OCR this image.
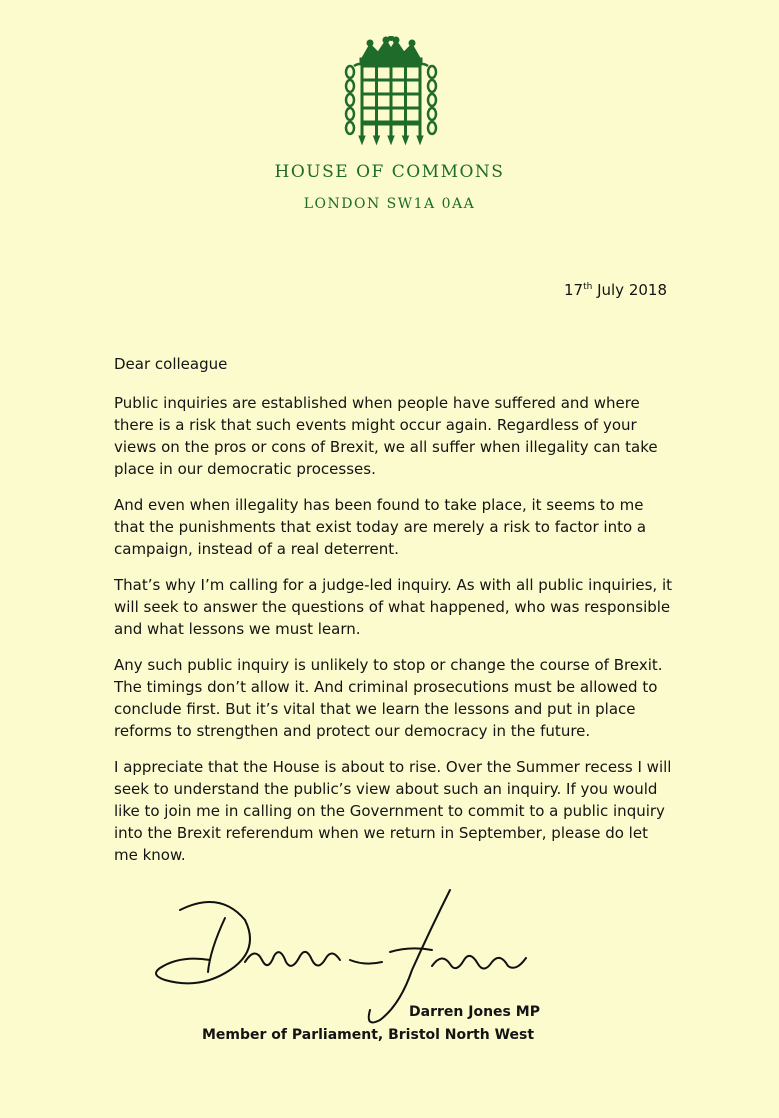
HOUSE OF COMMONS
LONDON SW1A 0AA
17th July 2018
Dear colleague

Public inquiries are established when people have suffered and where there is a risk that such events might occur again. Regardless of your views on the pros or cons of Brexit, we all suffer when illegality can take place in our democratic processes.

And even when illegality has been found to take place, it seems to me that the punishments that exist today are merely a risk to factor into a campaign, instead of a real deterrent.

That’s why I’m calling for a judge-led inquiry. As with all public inquiries, it will seek to answer the questions of what happened, who was responsible and what lessons we must learn.

Any such public inquiry is unlikely to stop or change the course of Brexit. The timings don’t allow it. And criminal prosecutions must be allowed to conclude first. But it’s vital that we learn the lessons and put in place reforms to strengthen and protect our democracy in the future.

I appreciate that the House is about to rise. Over the Summer recess I will seek to understand the public’s view about such an inquiry. If you would like to join me in calling on the Government to commit to a public inquiry into the Brexit referendum when we return in September, please do let me know.

Darren Jones MP
Member of Parliament, Bristol North West
